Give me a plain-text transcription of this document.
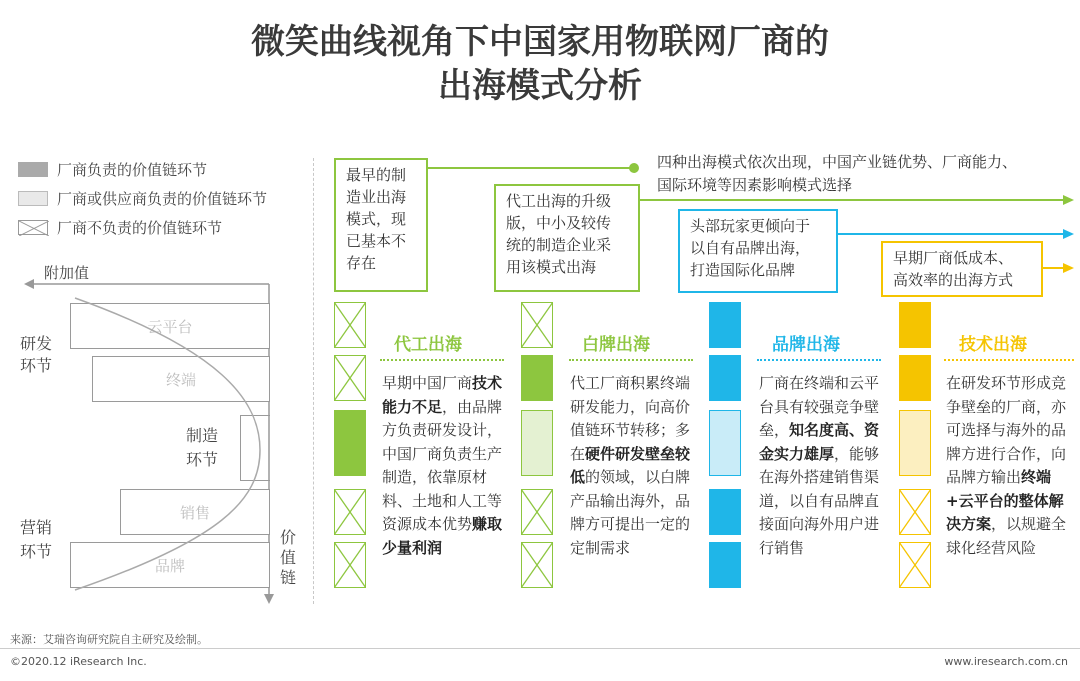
微笑曲线视角下中国家用物联网厂商的
出海模式分析
厂商负责的价值链环节
厂商或供应商负责的价值链环节
厂商不负责的价值链环节
附加值
云平台
终端
销售
品牌
研发
环节
制造
环节
营销
环节
价
值
链
四种出海模式依次出现，中国产业链优势、厂商能力、
国际环境等因素影响模式选择
最早的制
造业出海
模式，现
已基本不
存在
代工出海的升级
版，中小及较传
统的制造企业采
用该模式出海
头部玩家更倾向于
以自有品牌出海，
打造国际化品牌
早期厂商低成本、
高效率的出海方式
代工出海	白牌出海	品牌出海	技术出海
早期中国厂商技术能力不足，由品牌方负责研发设计，中国厂商负责生产制造，依靠原材料、土地和人工等资源成本优势赚取少量利润
代工厂商积累终端研发能力，向高价值链环节转移；多在硬件研发壁垒较低的领域，以白牌产品输出海外，品牌方可提出一定的定制需求
厂商在终端和云平台具有较强竞争壁垒，知名度高、资金实力雄厚，能够在海外搭建销售渠道，以自有品牌直接面向海外用户进行销售
在研发环节形成竞争壁垒的厂商，亦可选择与海外的品牌方进行合作，向品牌方输出终端+云平台的整体解决方案，以规避全球化经营风险
来源：艾瑞咨询研究院自主研究及绘制。
©2020.12 iResearch Inc.	www.iresearch.com.cn
